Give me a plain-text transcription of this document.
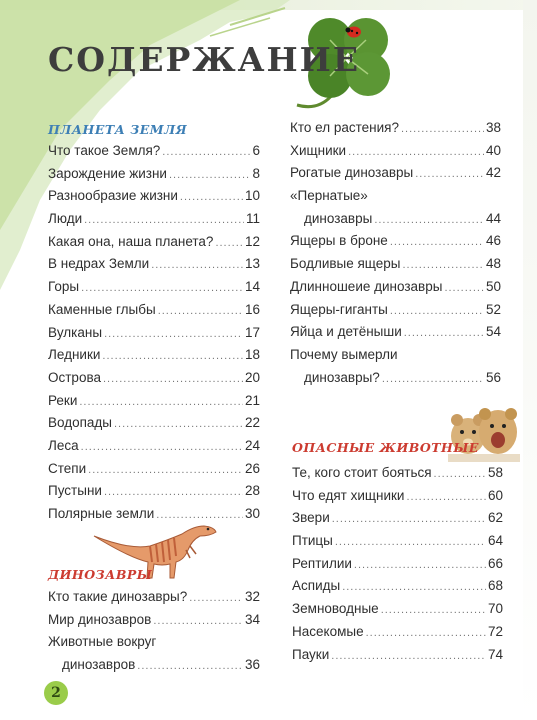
СОДЕРЖАНИЕ
ПЛАНЕТА ЗЕМЛЯ
Что такое Земля? .....	6
Зарождение жизни .....	8
Разнообразие жизни .....	10
Люди .....	11
Какая она, наша планета? ..... 12
В недрах Земли .....	13
Горы .....	14
Каменные глыбы .....	16
Вулканы .....	17
Ледники .....	18
Острова .....	20
Реки .....	21
Водопады .....	22
Леса .....	24
Степи .....	26
Пустыни .....	28
Полярные земли .....	30
ДИНОЗАВРЫ
Кто такие динозавры? .....	32
Мир динозавров .....	34
Животные вокруг
динозавров .....	36
Кто ел растения? .....	38
Хищники .....	40
Рогатые динозавры .....	42
«Пернатые»
динозавры .....	44
Ящеры в броне .....	46
Бодливые ящеры .....	48
Длинношеие динозавры .....	50
Ящеры-гиганты .....	52
Яйца и детёныши .....	54
Почему вымерли
динозавры? .....	56
ОПАСНЫЕ ЖИВОТНЫЕ
Те, кого стоит бояться .....	58
Что едят хищники .....	60
Звери .....	62
Птицы .....	64
Рептилии .....	66
Аспиды .....	68
Земноводные .....	70
Насекомые .....	72
Пауки .....	74
2
